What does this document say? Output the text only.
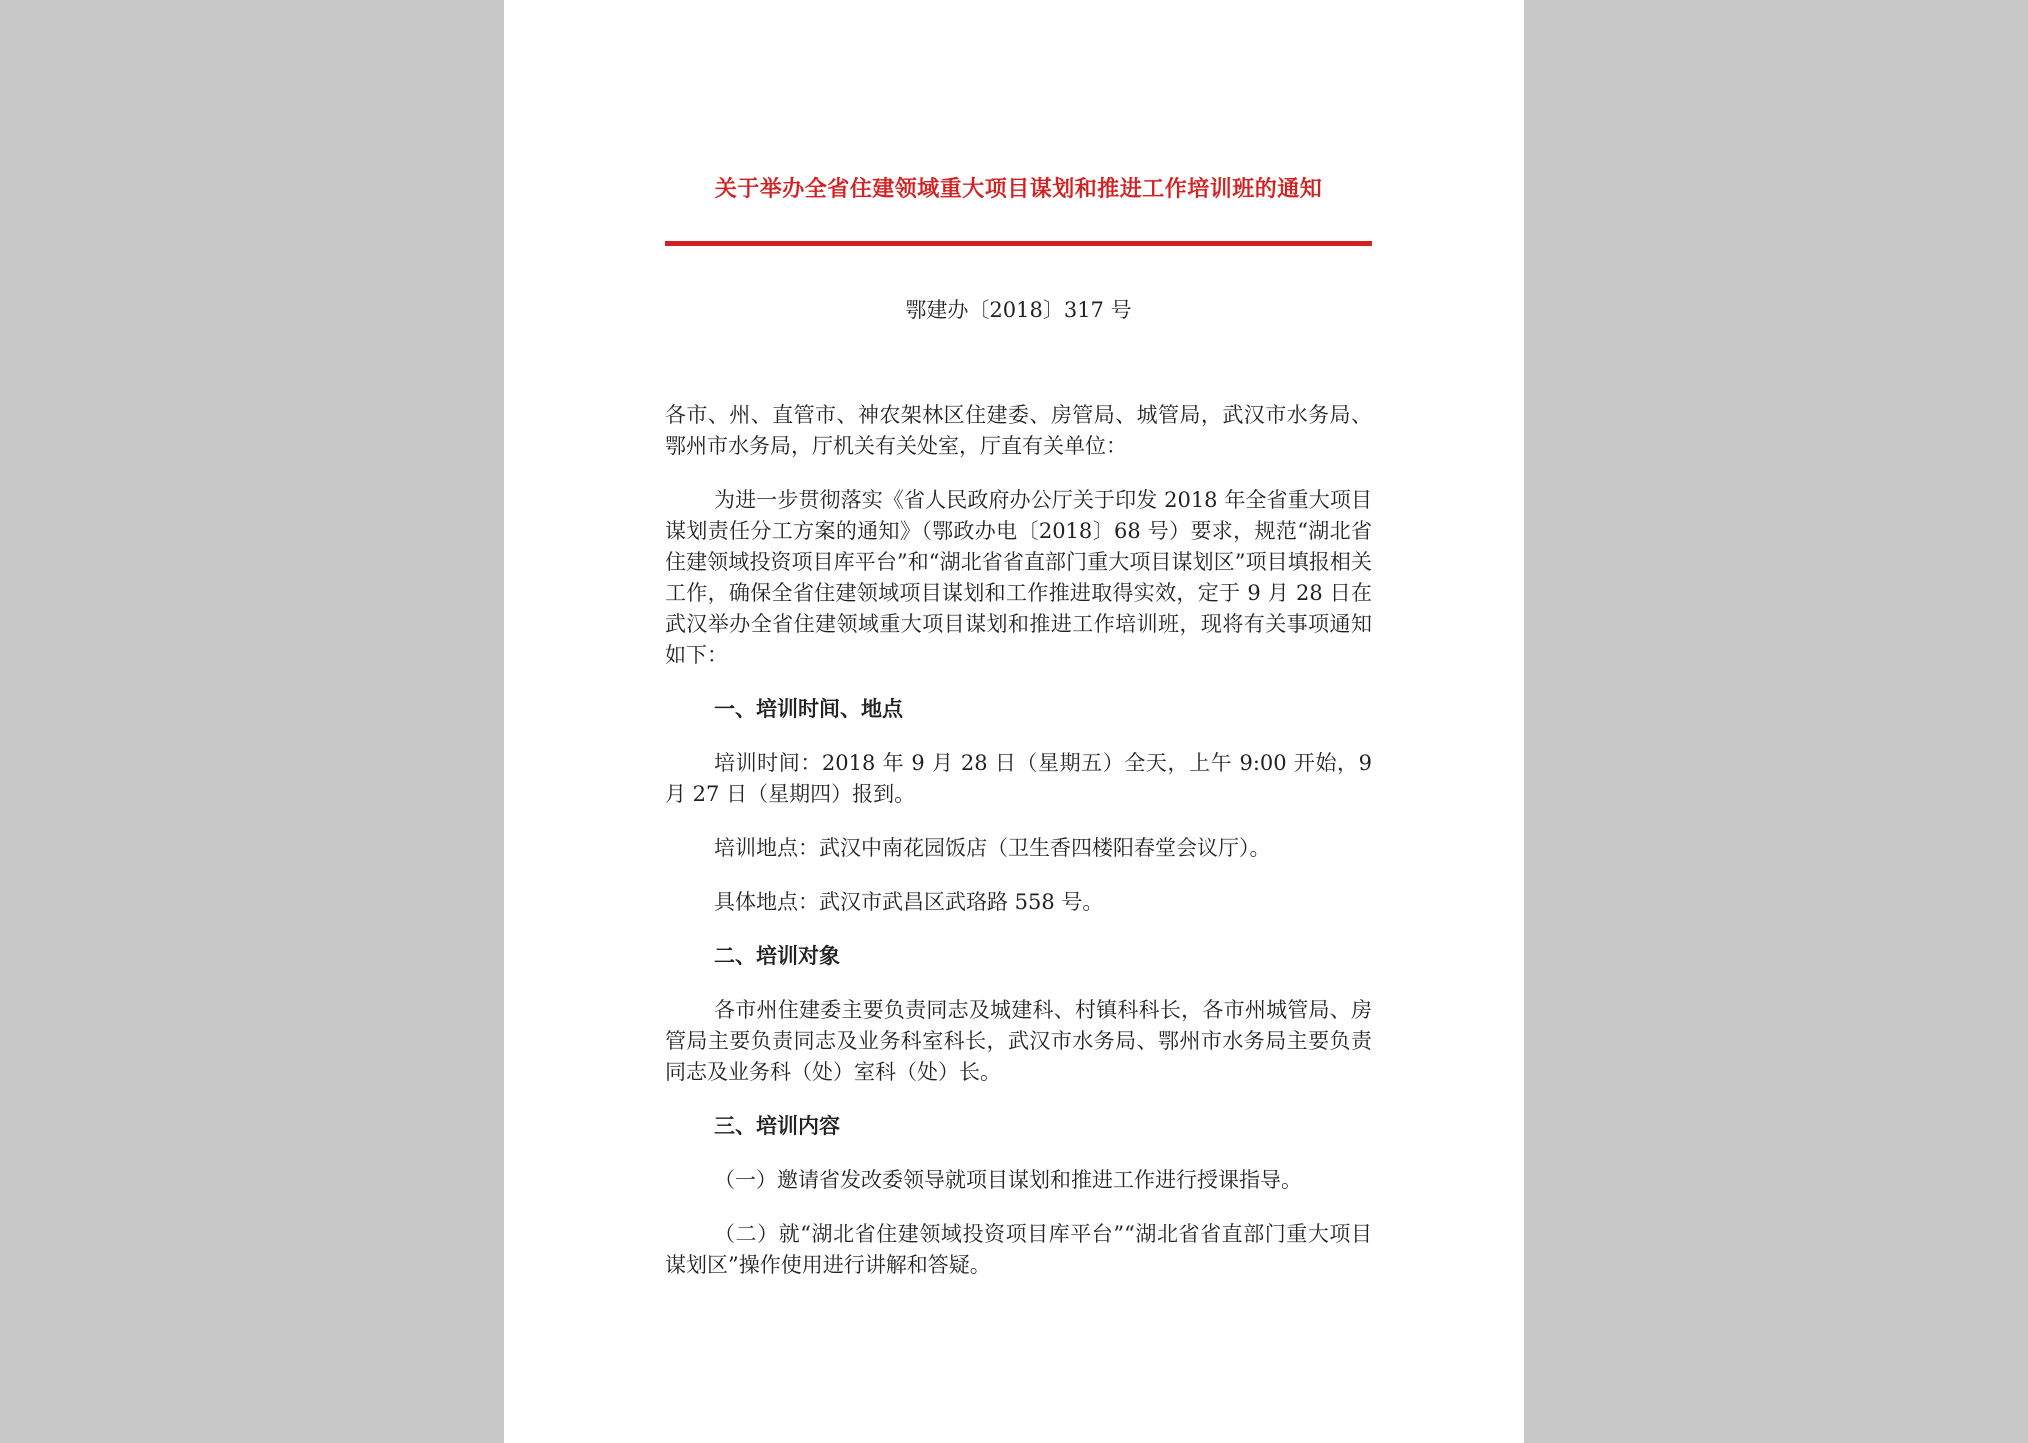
关于举办全省住建领域重大项目谋划和推进工作培训班的通知
鄂建办〔2018〕317 号

各市、州、直管市、神农架林区住建委、房管局、城管局，武汉市水务局、鄂州市水务局，厅机关有关处室，厅直有关单位：

为进一步贯彻落实《省人民政府办公厅关于印发 2018 年全省重大项目谋划责任分工方案的通知》（鄂政办电〔2018〕68 号）要求，规范“湖北省住建领域投资项目库平台”和“湖北省省直部门重大项目谋划区”项目填报相关工作，确保全省住建领域项目谋划和工作推进取得实效，定于 9 月 28 日在武汉举办全省住建领域重大项目谋划和推进工作培训班，现将有关事项通知如下：

一、培训时间、地点

培训时间：2018 年 9 月 28 日（星期五）全天，上午 9:00 开始，9 月 27 日（星期四）报到。

培训地点：武汉中南花园饭店（卫生香四楼阳春堂会议厅）。

具体地点：武汉市武昌区武珞路 558 号。

二、培训对象

各市州住建委主要负责同志及城建科、村镇科科长，各市州城管局、房管局主要负责同志及业务科室科长，武汉市水务局、鄂州市水务局主要负责同志及业务科（处）室科（处）长。

三、培训内容

（一）邀请省发改委领导就项目谋划和推进工作进行授课指导。

（二）就“湖北省住建领域投资项目库平台”“湖北省省直部门重大项目谋划区”操作使用进行讲解和答疑。
